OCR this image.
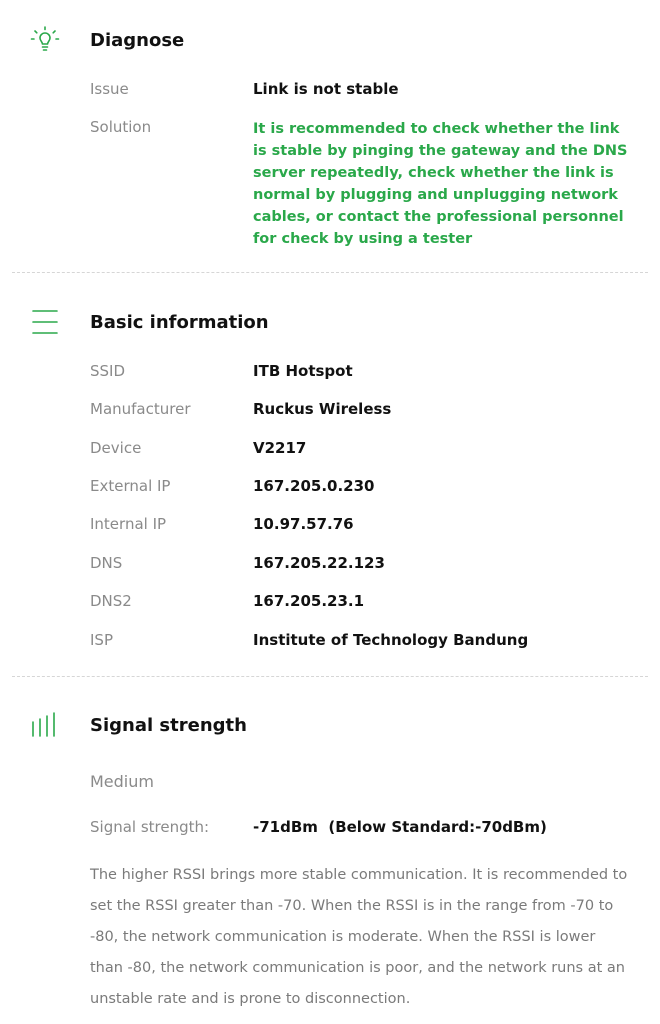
Diagnose
Issue	Link is not stable
Solution	It is recommended to check whether the link is stable by pinging the gateway and the DNS server repeatedly, check whether the link is normal by plugging and unplugging network cables, or contact the professional personnel for check by using a tester
Basic information
SSID	ITB Hotspot
Manufacturer	Ruckus Wireless
Device	V2217
External IP	167.205.0.230
Internal IP	10.97.57.76
DNS	167.205.22.123
DNS2	167.205.23.1
ISP	Institute of Technology Bandung
Signal strength
Medium
Signal strength:	-71dBm  (Below Standard:-70dBm)
The higher RSSI brings more stable communication. It is recommended to set the RSSI greater than -70. When the RSSI is in the range from -70 to -80, the network communication is moderate. When the RSSI is lower than -80, the network communication is poor, and the network runs at an unstable rate and is prone to disconnection.
